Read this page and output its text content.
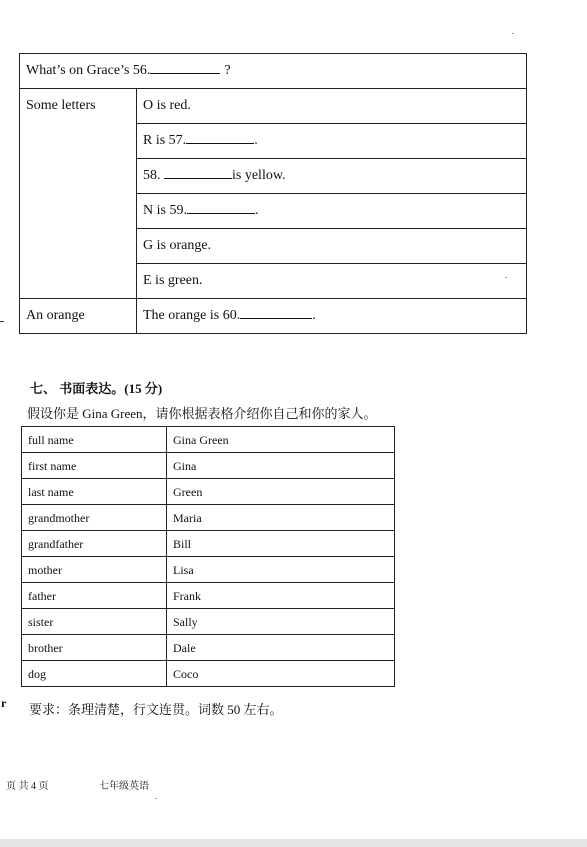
What’s on Grace’s 56. ?	
Some letters	O is red.
	R is 57. .
	58. is yellow.
	N is 59. .
	G is orange.
	E is green.
An orange	The orange is 60. .
七、 书面表达。(15 分)
假设你是 Gina Green，请你根据表格介绍你自己和你的家人。
full name	Gina Green
first name	Gina
last name	Green
grandmother	Maria
grandfather	Bill
mother	Lisa
father	Frank
sister	Sally
brother	Dale
dog	Coco
r 要求：条理清楚，行文连贯。词数 50 左右。
页 共 4 页	七年级英语
